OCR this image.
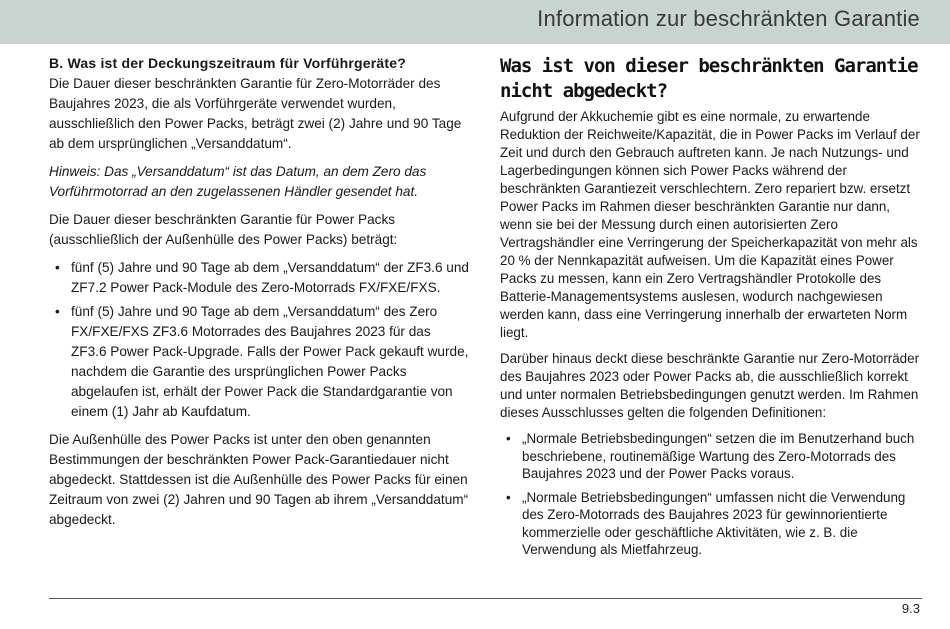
Information zur beschränkten Garantie
B. Was ist der Deckungszeitraum für Vorführgeräte?

Die Dauer dieser beschränkten Garantie für Zero-Motorräder des Baujahres 2023, die als Vorführgeräte verwendet wurden, ausschließlich den Power Packs, beträgt zwei (2) Jahre und 90 Tage ab dem ursprünglichen „Versanddatum“.

Hinweis: Das „Versanddatum“ ist das Datum, an dem Zero das Vorführmotorrad an den zugelassenen Händler gesendet hat.

Die Dauer dieser beschränkten Garantie für Power Packs (ausschließlich der Außenhülle des Power Packs) beträgt:

• fünf (5) Jahre und 90 Tage ab dem „Versanddatum“ der ZF3.6 und ZF7.2 Power Pack-Module des Zero-Motorrads FX/FXE/FXS.
• fünf (5) Jahre und 90 Tage ab dem „Versanddatum“ des Zero FX/FXE/FXS ZF3.6 Motorrades des Baujahres 2023 für das ZF3.6 Power Pack-Upgrade. Falls der Power Pack gekauft wurde, nachdem die Garantie des ursprünglichen Power Packs abgelaufen ist, erhält der Power Pack die Standardgarantie von einem (1) Jahr ab Kaufdatum.

Die Außenhülle des Power Packs ist unter den oben genannten Bestimmungen der beschränkten Power Pack-Garantiedauer nicht abgedeckt. Stattdessen ist die Außenhülle des Power Packs für einen Zeitraum von zwei (2) Jahren und 90 Tagen ab ihrem „Versanddatum“ abgedeckt.

Was ist von dieser beschränkten Garantie nicht abgedeckt?

Aufgrund der Akkuchemie gibt es eine normale, zu erwartende Reduktion der Reichweite/Kapazität, die in Power Packs im Verlauf der Zeit und durch den Gebrauch auftreten kann. Je nach Nutzungs- und Lagerbedingungen können sich Power Packs während der beschränkten Garantiezeit verschlechtern. Zero repariert bzw. ersetzt Power Packs im Rahmen dieser beschränkten Garantie nur dann, wenn sie bei der Messung durch einen autorisierten Zero Vertragshändler eine Verringerung der Speicherkapazität von mehr als 20 % der Nennkapazität aufweisen. Um die Kapazität eines Power Packs zu messen, kann ein Zero Vertragshändler Protokolle des Batterie-Managementsystems auslesen, wodurch nachgewiesen werden kann, dass eine Verringerung innerhalb der erwarteten Norm liegt.

Darüber hinaus deckt diese beschränkte Garantie nur Zero-Motorräder des Baujahres 2023 oder Power Packs ab, die ausschließlich korrekt und unter normalen Betriebsbedingungen genutzt werden. Im Rahmen dieses Ausschlusses gelten die folgenden Definitionen:

• „Normale Betriebsbedingungen“ setzen die im Benutzerhand buch beschriebene, routinemäßige Wartung des Zero-Motorrads des Baujahres 2023 und der Power Packs voraus.
• „Normale Betriebsbedingungen“ umfassen nicht die Verwendung des Zero-Motorrads des Baujahres 2023 für gewinnorientierte kommerzielle oder geschäftliche Aktivitäten, wie z. B. die Verwendung als Mietfahrzeug.
9.3
